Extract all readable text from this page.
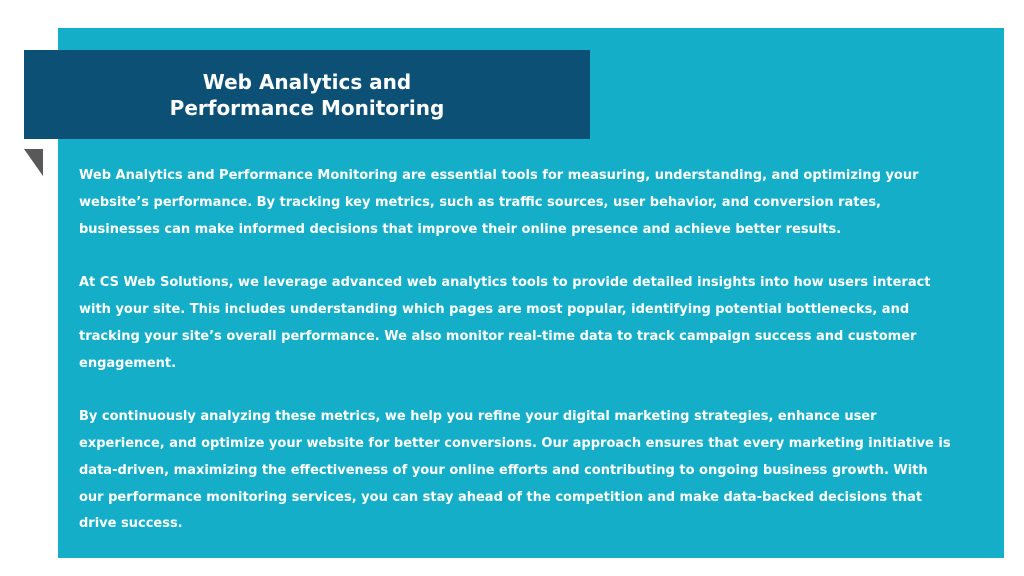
Web Analytics and
Performance Monitoring
Web Analytics and Performance Monitoring are essential tools for measuring, understanding, and optimizing your
website’s performance. By tracking key metrics, such as traffic sources, user behavior, and conversion rates,
businesses can make informed decisions that improve their online presence and achieve better results.
At CS Web Solutions, we leverage advanced web analytics tools to provide detailed insights into how users interact
with your site. This includes understanding which pages are most popular, identifying potential bottlenecks, and
tracking your site’s overall performance. We also monitor real-time data to track campaign success and customer
engagement.
By continuously analyzing these metrics, we help you refine your digital marketing strategies, enhance user
experience, and optimize your website for better conversions. Our approach ensures that every marketing initiative is
data-driven, maximizing the effectiveness of your online efforts and contributing to ongoing business growth. With
our performance monitoring services, you can stay ahead of the competition and make data-backed decisions that
drive success.
